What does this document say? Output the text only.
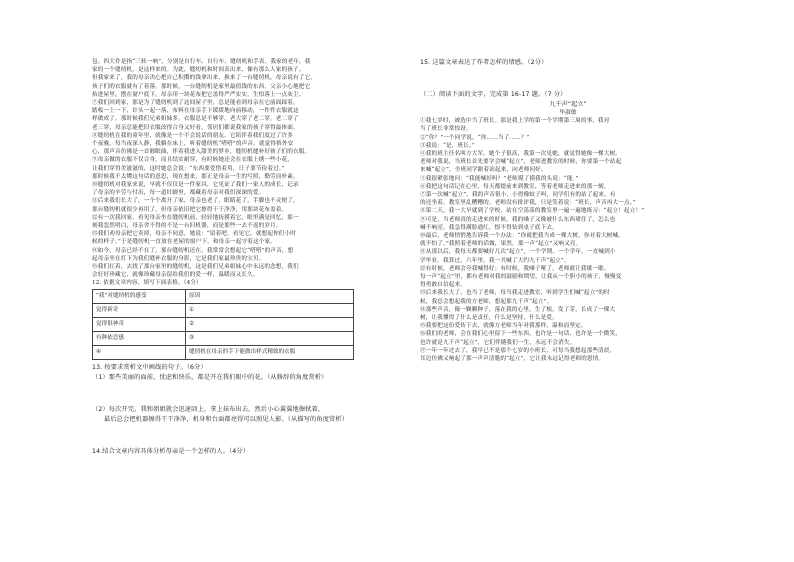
包。四大件是指“三转一响”，分别是自行车、自行车、缝纫机和手表。我家的老年，我
家的一个缝纫机，是这样来的。为此，缝纫机和时间表出来，像有那么人家的孩子。
但我家来了，我的母亲决心把自己积攒的钱拿出来，换来了一台缝纫机，母亲说有了它，
孩子们的衣服就有了着落。那时候，一台缝纫机是家里最值钱的东西，父亲小心地把它
抬进屋里，摆在窗户底下，母亲用一块花布把它盖得严严实实，生怕落上一点灰尘。
⑦我们回到家，那是为了缝纫机到了这间屋子里，总是能看到母亲在它前面踩着，
踏板一上一下，针头一起一落，布料在母亲手下缓缓地向前移动，一件件衣服就这
样做成了。那时候我们兄弟姐妹多，衣服总是不够穿，老大穿了老二穿，老二穿了
老三穿，母亲总能把旧衣服改得合身又好看，邻居们都说我家的孩子穿得最体面。
⑧缝纫机在我的童年里，就像是一个不会说话的朋友，它陪伴着我们度过了许多
个夜晚。每当夜深人静，我躺在床上，听着缝纫机“嗒嗒”的声音，就觉得格外安
心，那声音仿佛是一首催眠曲，伴着我进入甜美的梦乡，缝纫机缝补好孩子们的衣服。
⑨母亲做的衣服不仅合身，而且结实耐穿，有时候她还会在衣服上绣一些小花，
让我们穿得美滋滋的，这时她总会说：“东西要爱惜着用，日子要节俭着过。”
那时候我不太懂这句话的意思，现在想来，那正是母亲一生的写照，勤劳而朴素。
⑩缝纫机对我家来说，早就不仅仅是一件家具，它见证了我们一家人的成长，记录
了母亲的辛劳与付出，每一道针脚里，都藏着母亲对我们深深的爱。
⑪后来我们长大了，一个个离开了家，母亲也老了，眼睛花了，手脚也不灵便了，
那台缝纫机就很少再用了，但母亲依旧把它擦得干干净净，用那块花布盖着。
⑫有一次我回家，看见母亲坐在缝纫机前，轻轻地抚摸着它，眼里满是回忆，那一
刻我忽然明白，母亲舍不得的不是一台旧机器，而是那些一去不返的岁月。
⑬我们劝母亲把它卖掉，母亲不同意，她说：“留着吧，看见它，就想起你们小时
候的样子。”于是缝纫机一直放在老屋的窗户下，和母亲一起守着这个家。
⑭如今，母亲已经不在了，那台缝纫机还在，我常常会想起它“嗒嗒”的声音，想
起母亲坐在灯下为我们缝补衣服的身影，它是我们家最珍贵的宝贝。
⑮我们扛着，去找了那台家里的缝纫机，这是我们兄弟姐妹心中永远的念想，我们
会好好珍藏它，就像珍藏母亲留给我们的爱一样，温暖而又长久。
12. 依据文章内容，填写下面表格。（4分）
“我”对缝纫机的感受	原因
觉得新奇	①
觉得很神奇	②
有种依恋感	③
④	缝纫机在母亲的手下能做出样式精致的衣服
13. 按要求赏析文中画线的句子。（6分）
（1）那些美丽的面前，忧虑和快乐，都是开在我们眼中的花。（从修辞的角度赏析）
（2）每次开完，我和姐姐就会迅速回上，拿上抹布出去，然后小心翼翼地擦拭着，
最后总会把机器擦得干干净净，机身和台面都亮得可以照见人影。（从描写的角度赏析）
14.结合文章内容具体分析母亲是一个怎样的人。（4分）
15. 这篇文章表达了作者怎样的情感。（2分）
（二）阅读下面的文字，完成第 16-17 题。（7 分）
九千声“起立”
毕淑敏
①我七岁时，被选中当了班长。那是我上学的第一个学期第三周的事，我对
当了班长非常惊讶。
②“你？”一个同学说，“你……当了……？”
③我说：“是，班长。”
④我的班主任名叫方大军。她个子很高，我第一次见她，就觉得她像一棵大树。
老师对我说，当班长首先要学会喊“起立”，老师进教室的时候，你要第一个站起
来喊“起立”，全班同学跟着站起来，向老师问好。
⑤我很紧张地问：“我能喊好吗？”老师摸了摸我的头说：“能。”
⑥我把这句话记在心里，每天都提前来到教室，等着老师走进来的那一刻。
⑦第一次喊“起立”，我的声音很小，小得像蚊子叫，同学们有的站了起来，有
的还坐着，教室里乱糟糟的。老师没有批评我，只是笑着说：“班长，声音再大一点。”
⑧第二天，我一大早就到了学校，站在空荡荡的教室里一遍一遍地练习：“起立！起立！”
⑨可是，当老师真的走进来的时候，我的嗓子又像被什么东西堵住了，怎么也
喊不响亮。我急得满脸通红，恨不得钻到桌子底下去。
⑩最后，老师悄悄地告诉我一个办法：“你就把我当成一棵大树，你对着大树喊，
就不怕了。”我照着老师的话做，果然，那一声“起立”又响又亮。
⑪从那以后，我每天都要喊好几次“起立”，一个学期，一个学年，一直喊到小
学毕业。我算过，六年里，我一共喊了大约九千声“起立”。
⑫有时候，老师会夸我喊得好；有时候，我嗓子哑了，老师就让我歇一歇。
每一声“起立”里，都有老师对我的鼓励和期望，让我从一个胆小的孩子，慢慢变
得勇敢自信起来。
⑬后来我长大了，也当了老师，每当我走进教室，听到学生们喊“起立”的时
候，我总会想起我的方老师，想起那九千声“起立”。
⑭那些声音，像一颗颗种子，落在我的心里，生了根，发了芽，长成了一棵大
树，让我懂得了什么是责任，什么是坚持，什么是爱。
⑮我要把这份爱传下去，就像方老师当年对我那样，温和而坚定。
⑯我们的老师，会在我们心里留下一些东西，也许是一句话，也许是一个微笑，
也许就是九千声“起立”，它们伴随我们一生，永远不会消失。
⑰一年一年过去了，我早已不是那个七岁的小班长，可每当我想起那些清晨，
耳边仿佛又响起了那一声声清脆的“起立”，它让我永远记得老师的恩情。
